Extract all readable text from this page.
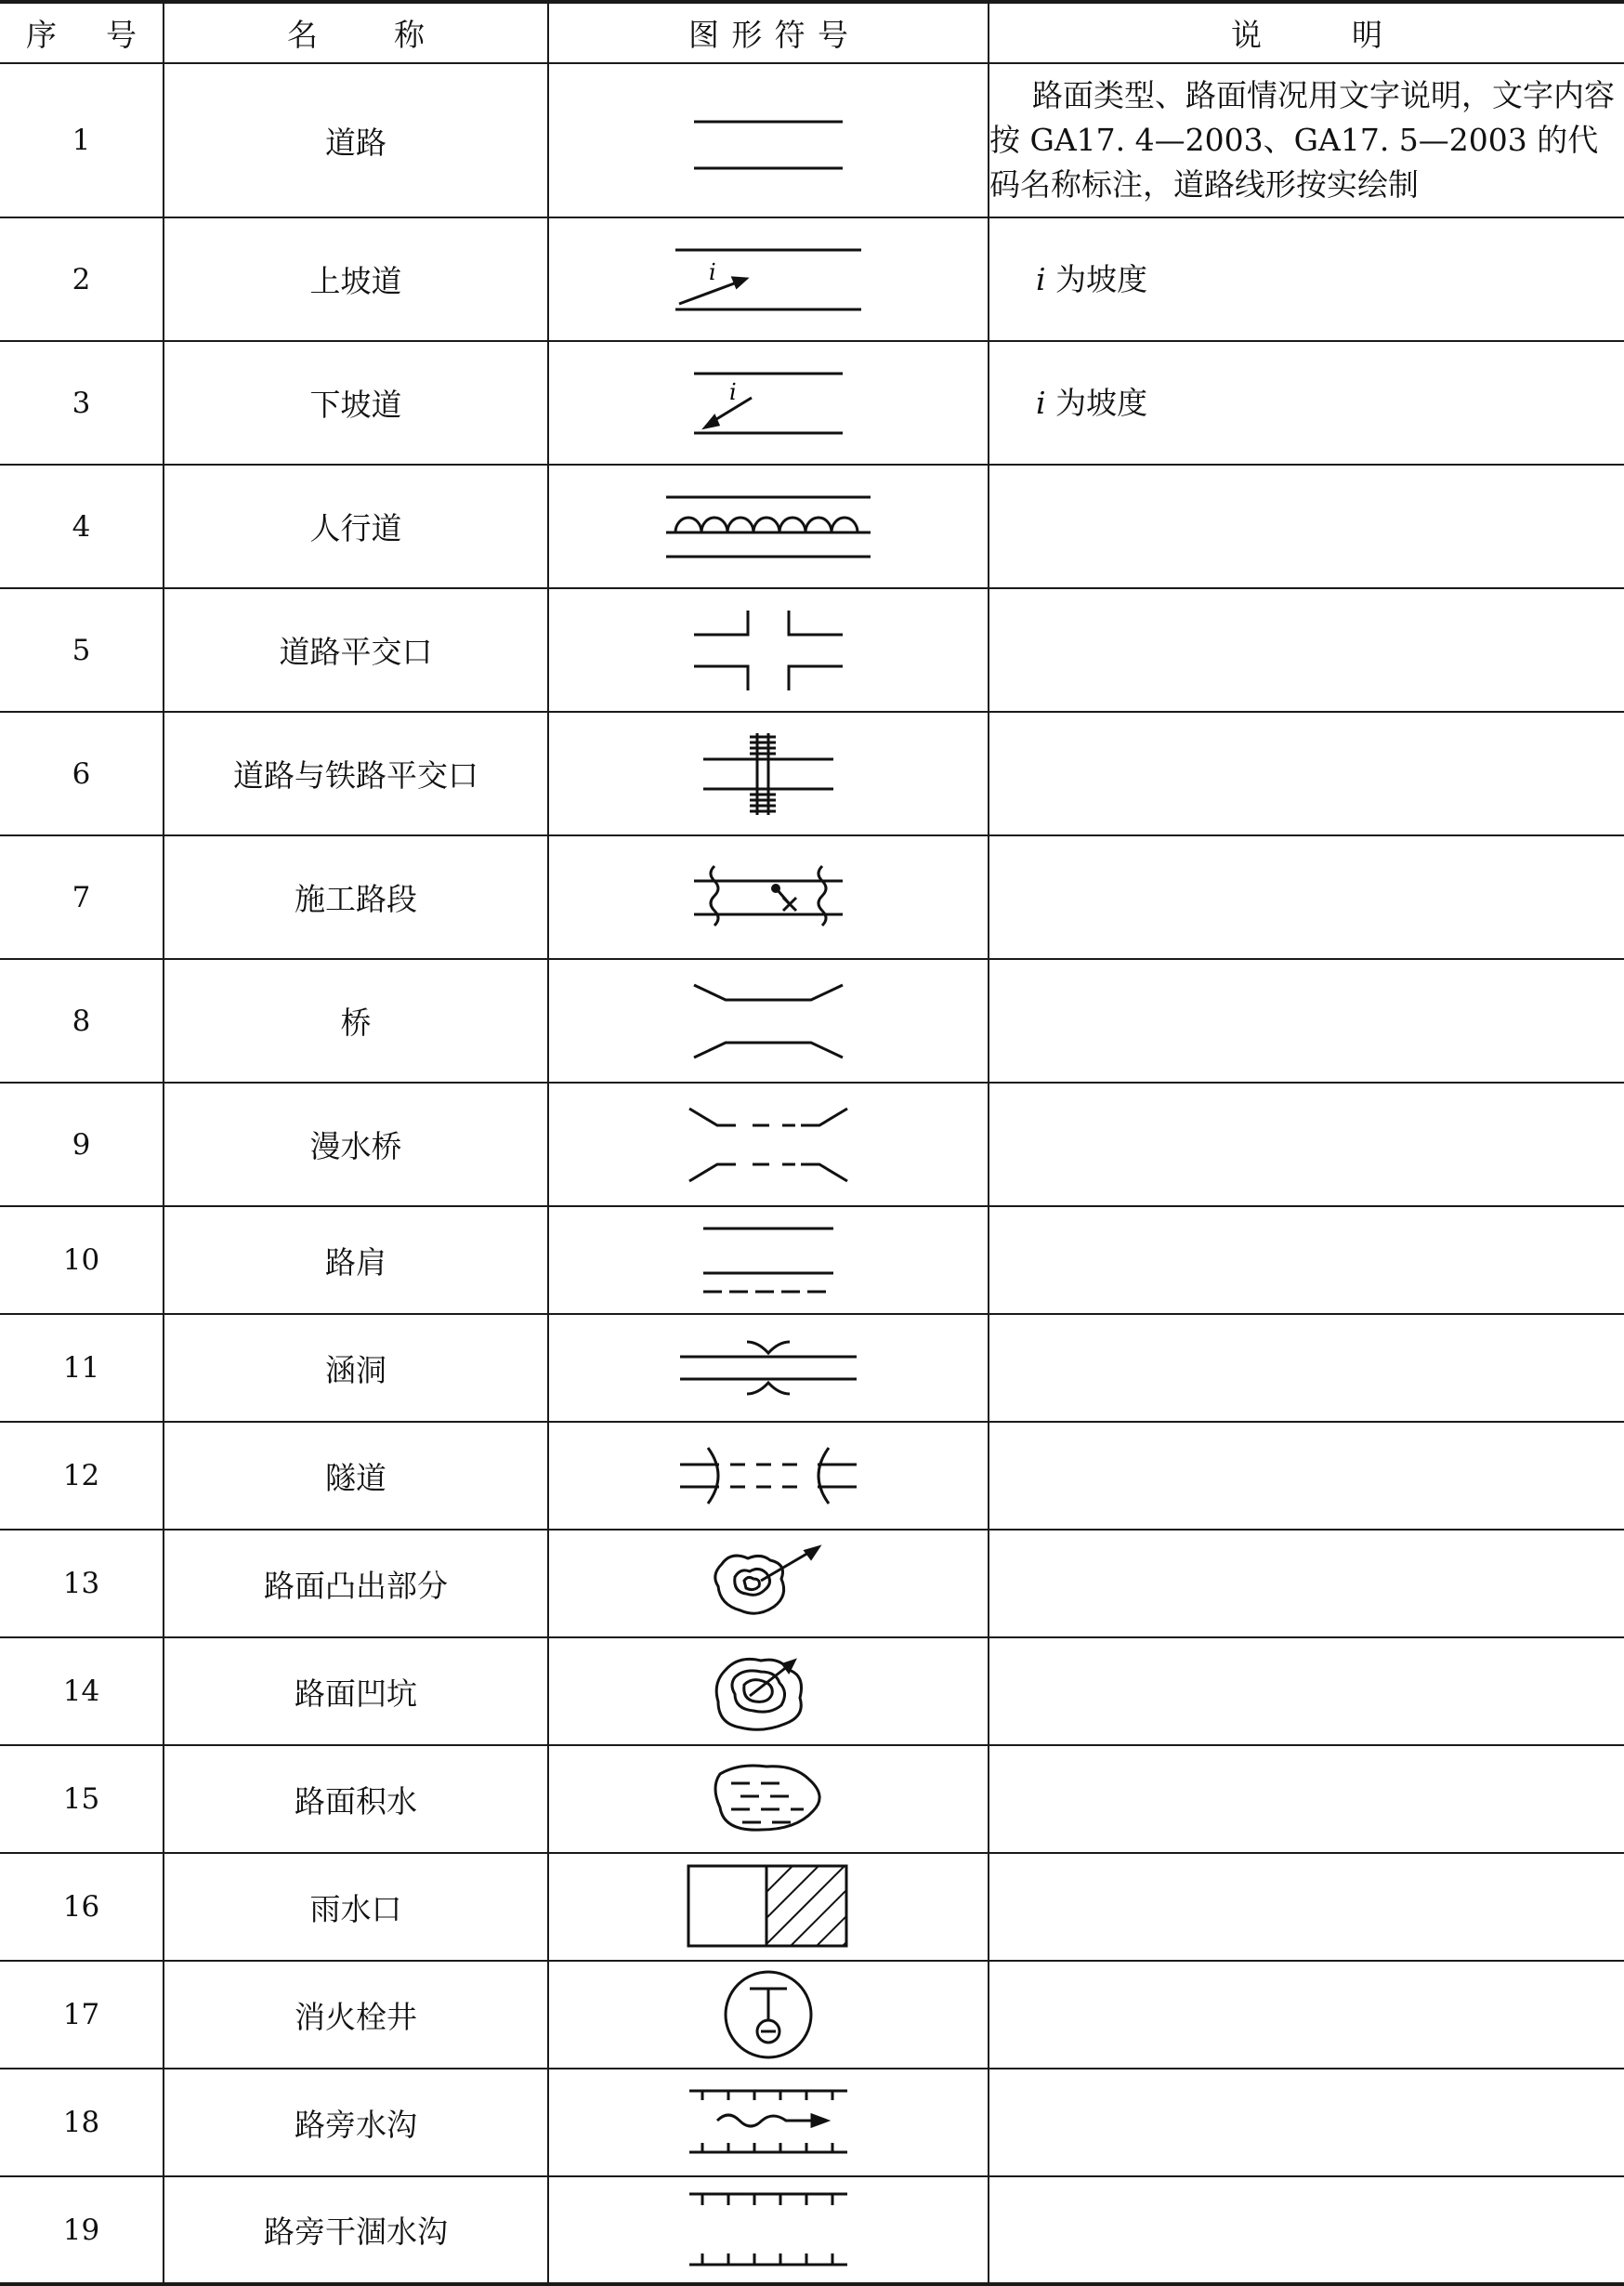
序 号	名 称	图 形 符 号	说 明

1	道路		路面类型、路面情况用文字说明，文字内容按 GA17. 4—2003、GA17. 5—2003 的代码名称标注，道路线形按实绘制
2	上坡道	i	i 为坡度
3	下坡道	i	i 为坡度
4	人行道	

5	道路平交口	

6	道路与铁路平交口	

7	施工路段	

8	桥	

9	漫水桥	

10	路肩	

11	涵洞	

12	隧道	

13	路面凸出部分	

14	路面凹坑	

15	路面积水	

16	雨水口	

17	消火栓井	

18	路旁水沟	

19	路旁干涸水沟	
